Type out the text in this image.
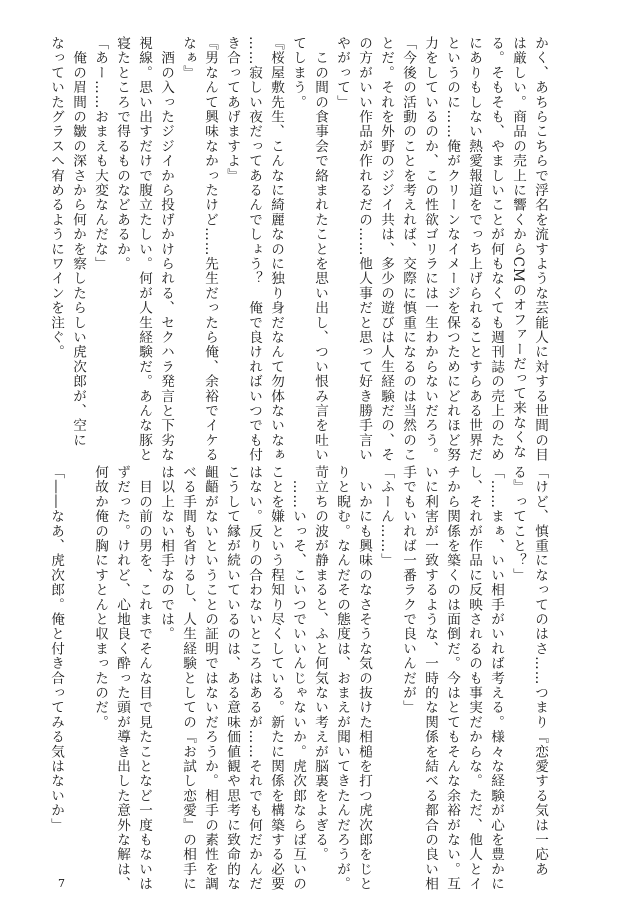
かく、あちらこちらで浮名を流すような芸能人に対する世間の目
は厳しい。商品の売上に響くからCMのオファーだって来なくな
る。そもそも、やましいことが何もなくても週刊誌の売上のため
にありもしない熱愛報道をでっち上げられることすらある世界だ
というのに……俺がクリーンなイメージを保つためにどれほど努
力をしているのか、この性欲ゴリラには一生わからないだろう。
「今後の活動のことを考えれば、交際に慎重になるのは当然のこ
とだ。それを外野のジジイ共は、多少の遊びは人生経験だの、そ
の方がいい作品が作れるだの……他人事だと思って好き勝手言い
やがって」
　この間の食事会で絡まれたことを思い出し、つい恨み言を吐い
てしまう。
『桜屋敷先生、こんなに綺麗なのに独り身だなんて勿体ないなぁ
……寂しい夜だってあるんでしょう？　俺で良ければいつでも付
き合ってあげますよ』
『男なんて興味なかったけど……先生だったら俺、余裕でイケる
なぁ』
　酒の入ったジジイから投げかけられる、セクハラ発言と下劣な
視線。思い出すだけで腹立たしい。何が人生経験だ。あんな豚と
寝たところで得るものなどあるか。
「あー……おまえも大変なんだな」
　俺の眉間の皺の深さから何かを察したらしい虎次郎が、空に
なっていたグラスへ宥めるようにワインを注ぐ。
「けど、慎重になってのはさ……つまり『恋愛する気は一応あ
る』ってこと？」
「……まぁ、いい相手がいれば考える。様々な経験が心を豊かに
し、それが作品に反映されるのも事実だからな。ただ、他人とイ
チから関係を築くのは面倒だ。今はとてもそんな余裕がない。互
いに利害が一致するような、一時的な関係を結べる都合の良い相
手でもいれば一番ラクで良いんだが」
「ふーん……」
　いかにも興味のなさそうな気の抜けた相槌を打つ虎次郎をじと
りと睨む。なんだその態度は、おまえが聞いてきたんだろうが。
苛立ちの波が静まると、ふと何気ない考えが脳裏をよぎる。
　……いっそ、こいつでいいんじゃないか。虎次郎ならば互いの
ことを嫌という程知り尽くしている。新たに関係を構築する必要
はない。反りの合わないところはあるが……それでも何だかんだ
こうして縁が続いているのは、ある意味価値観や思考に致命的な
齟齬がないということの証明ではないだろうか。相手の素性を調
べる手間も省けるし、人生経験としての『お試し恋愛』の相手に
は以上ない相手なのでは。
　目の前の男を、これまでそんな目で見たことなど一度もないは
ずだった。けれど、心地良く酔った頭が導き出した意外な解は、
何故か俺の胸にすとんと収まったのだ。

「――なあ、虎次郎。俺と付き合ってみる気はないか」
7
